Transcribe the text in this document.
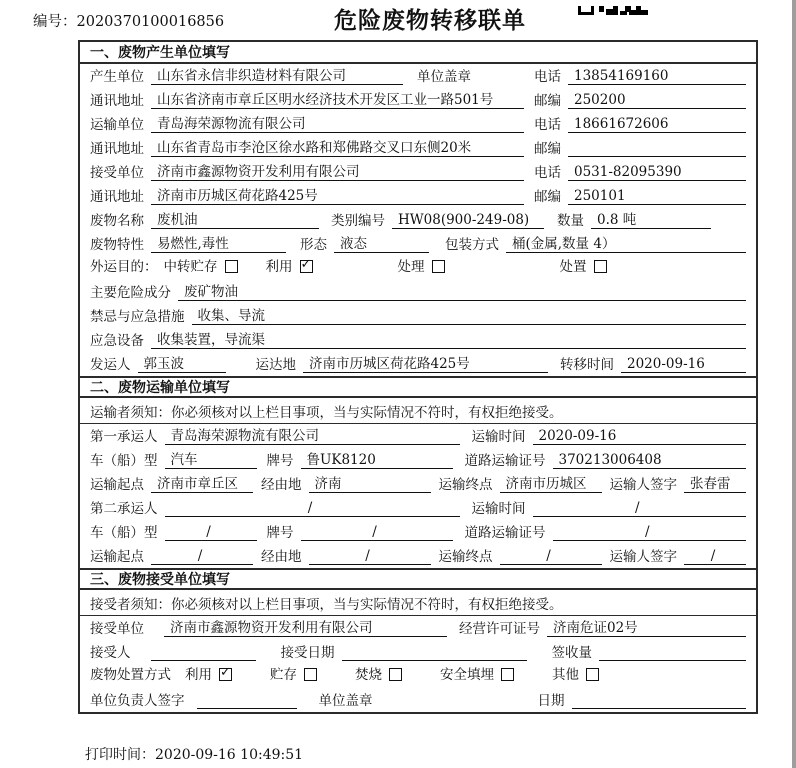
编号：2020370100016856	危险废物转移联单
一、废物产生单位填写
产生单位 山东省永信非织造材料有限公司	单位盖章	电话 13854169160
通讯地址 山东省济南市章丘区明水经济技术开发区工业一路501号	邮编 250200
运输单位 青岛海荣源物流有限公司	电话 18661672606
通讯地址 山东省青岛市李沧区徐水路和郑佛路交叉口东侧20米	邮编
接受单位 济南市鑫源物资开发利用有限公司	电话 0531-82095390
通讯地址 济南市历城区荷花路425号	邮编 250101
废物名称 废机油	类别编号 HW08(900-249-08)	数量 0.8 吨
废物特性 易燃性,毒性	形态 液态	包装方式 桶(金属,数量 4）
外运目的： 中转贮存	利用 ✓	处理	处置
主要危险成分 废矿物油
禁忌与应急措施 收集、导流
应急设备 收集装置，导流渠
发运人 郭玉波	运达地 济南市历城区荷花路425号	转移时间 2020-09-16
二、废物运输单位填写
运输者须知：你必须核对以上栏目事项，当与实际情况不符时，有权拒绝接受。
第一承运人 青岛海荣源物流有限公司	运输时间 2020-09-16
车（船）型 汽车	牌号 鲁UK8120	道路运输证号 370213006408
运输起点 济南市章丘区	经由地 济南	运输终点 济南市历城区	运输人签字 张春雷
第二承运人	/	运输时间	/
车（船）型	/	牌号	/	道路运输证号	/
运输起点	/	经由地	/	运输终点	/	运输人签字	/
三、废物接受单位填写
接受者须知：你必须核对以上栏目事项，当与实际情况不符时，有权拒绝接受。
接受单位	济南市鑫源物资开发利用有限公司	经营许可证号 济南危证02号
接受人	接受日期	签收量
废物处置方式 利用 ✓	贮存	焚烧	安全填埋	其他
单位负责人签字	单位盖章	日期
打印时间：2020-09-16 10:49:51
